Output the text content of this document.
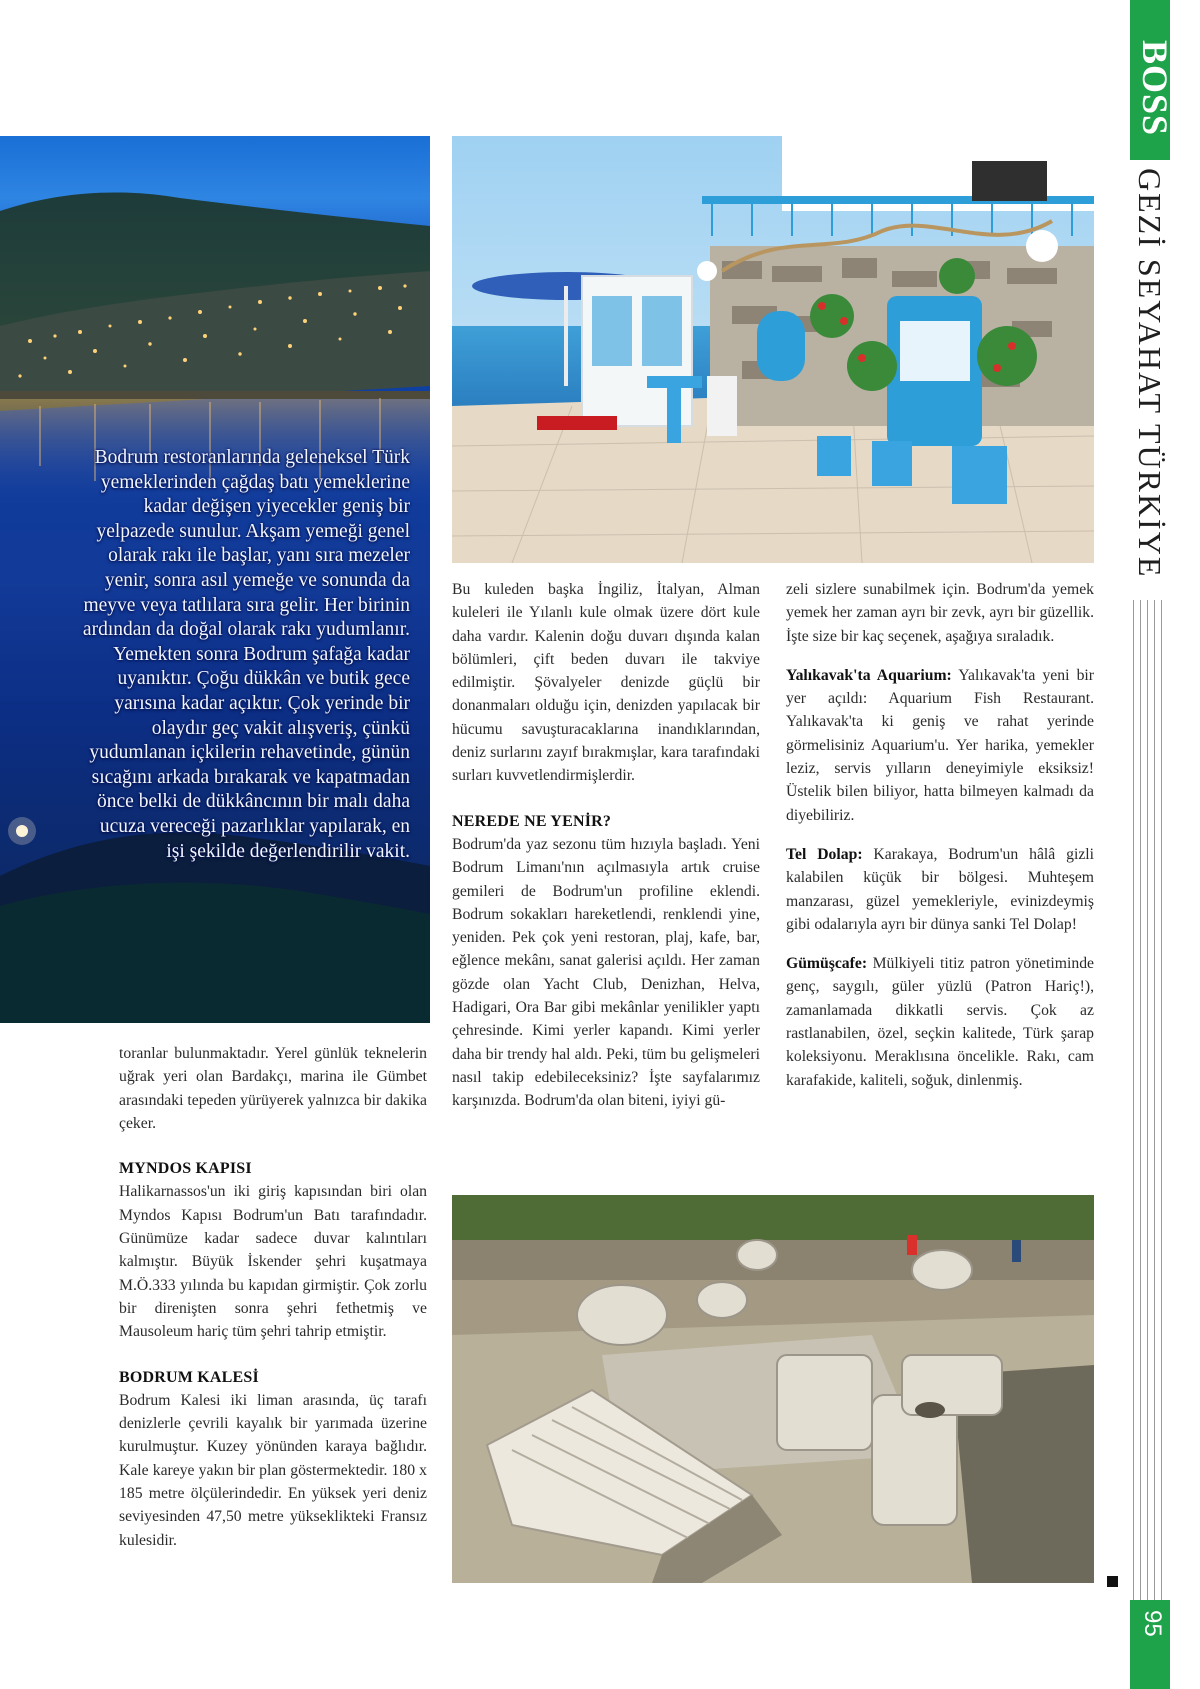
BOSS
GEZİ SEYAHAT TÜRKİYE
95
Bodrum restoranlarında geleneksel Türk yemeklerinden çağdaş batı yemeklerine kadar değişen yiyecekler geniş bir yelpazede sunulur. Akşam yemeği genel olarak rakı ile başlar, yanı sıra mezeler yenir, sonra asıl yemeğe ve sonunda da meyve veya tatlılara sıra gelir. Her birinin ardından da doğal olarak rakı yudumlanır. Yemekten sonra Bodrum şafağa kadar uyanıktır. Çoğu dükkân ve butik gece yarısına kadar açıktır. Çok yerinde bir olaydır geç vakit alışveriş, çünkü yudumlanan içkilerin rehavetinde, günün sıcağını arkada bırakarak ve kapatmadan önce belki de dükkâncının bir malı daha ucuza vereceği pazarlıklar yapılarak, en işi şekilde değerlendirilir vakit.

toranlar bulunmaktadır. Yerel günlük teknelerin uğrak yeri olan Bardakçı, marina ile Gümbet arasındaki tepeden yürüyerek yalnızca bir dakika çeker.

MYNDOS KAPISI

Halikarnassos'un iki giriş kapısından biri olan Myndos Kapısı Bodrum'un Batı tarafındadır. Günümüze kadar sadece duvar kalıntıları kalmıştır. Büyük İskender şehri kuşatmaya M.Ö.333 yılında bu kapıdan girmiştir. Çok zorlu bir direnişten sonra şehri fethetmiş ve Mausoleum hariç tüm şehri tahrip etmiştir.

BODRUM KALESİ

Bodrum Kalesi iki liman arasında, üç tarafı denizlerle çevrili kayalık bir yarımada üzerine kurulmuştur. Kuzey yönünden karaya bağlıdır. Kale kareye yakın bir plan göstermektedir. 180 x 185 metre ölçülerindedir. En yüksek yeri deniz seviyesinden 47,50 metre yükseklikteki Fransız kulesidir.

Bu kuleden başka İngiliz, İtalyan, Alman kuleleri ile Yılanlı kule olmak üzere dört kule daha vardır. Kalenin doğu duvarı dışında kalan bölümleri, çift beden duvarı ile takviye edilmiştir. Şövalyeler denizde güçlü bir donanmaları olduğu için, denizden yapılacak bir hücumu savuşturacaklarına inandıklarından, deniz surlarını zayıf bırakmışlar, kara tarafındaki surları kuvvetlendirmişlerdir.

NEREDE NE YENİR?

Bodrum'da yaz sezonu tüm hızıyla başladı. Yeni Bodrum Limanı'nın açılmasıyla artık cruise gemileri de Bodrum'un profiline eklendi. Bodrum sokakları hareketlendi, renklendi yine, yeniden. Pek çok yeni restoran, plaj, kafe, bar, eğlence mekânı, sanat galerisi açıldı. Her zaman gözde olan Yacht Club, Denizhan, Helva, Hadigari, Ora Bar gibi mekânlar yenilikler yaptı çehresinde. Kimi yerler kapandı. Kimi yerler daha bir trendy hal aldı. Peki, tüm bu gelişmeleri nasıl takip edebileceksiniz? İşte sayfalarımız karşınızda. Bodrum'da olan biteni, iyiyi gü-

zeli sizlere sunabilmek için. Bodrum'da yemek yemek her zaman ayrı bir zevk, ayrı bir güzellik. İşte size bir kaç seçenek, aşağıya sıraladık.

Yalıkavak'ta Aquarium: Yalıkavak'ta yeni bir yer açıldı: Aquarium Fish Restaurant. Yalıkavak'ta ki geniş ve rahat yerinde görmelisiniz Aquarium'u. Yer harika, yemekler leziz, servis yılların deneyimiyle eksiksiz! Üstelik bilen biliyor, hatta bilmeyen kalmadı da diyebiliriz.

Tel Dolap: Karakaya, Bodrum'un hâlâ gizli kalabilen küçük bir bölgesi. Muhteşem manzarası, güzel yemekleriyle, evinizdeymiş gibi odalarıyla ayrı bir dünya sanki Tel Dolap!

Gümüşcafe: Mülkiyeli titiz patron yönetiminde genç, saygılı, güler yüzlü (Patron Hariç!), zamanlamada dikkatli servis. Çok az rastlanabilen, özel, seçkin kalitede, Türk şarap koleksiyonu. Meraklısına öncelikle. Rakı, cam karafakide, kaliteli, soğuk, dinlenmiş.
